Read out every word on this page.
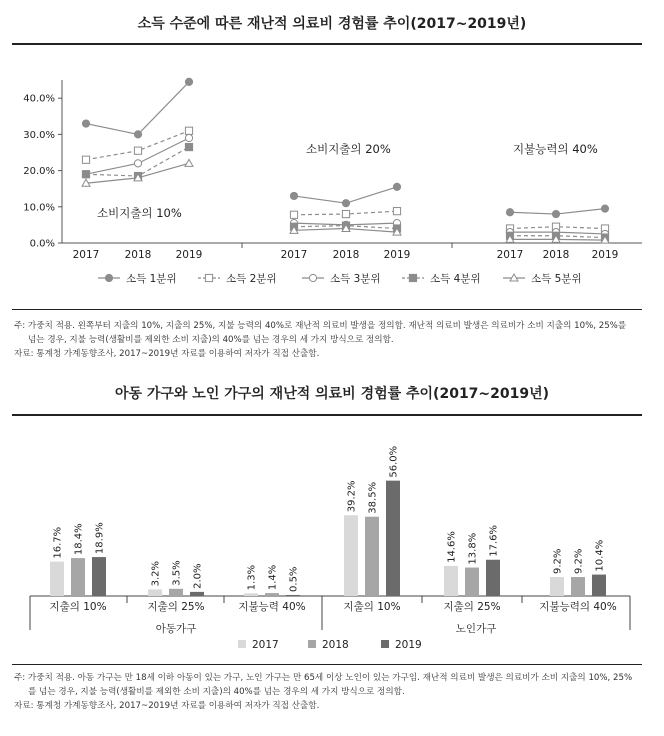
소득 수준에 따른 재난적 의료비 경험률 추이(2017~2019년)
0.0%
10.0%
20.0%
30.0%
40.0%
2017 2018 2019
소비지출의 10%
2017 2018 2019
소비지출의 20%
2017 2018 2019
지불능력의 40%
소득 1분위	소득 2분위	소득 3분위	소득 4분위	소득 5분위
주: 가중치 적용. 왼쪽부터 지출의 10%, 지출의 25%, 지불 능력의 40%로 재난적 의료비 발생을 정의함. 재난적 의료비 발생은 의료비가 소비 지출의 10%, 25%를
넘는 경우, 지불 능력(생활비를 제외한 소비 지출)의 40%를 넘는 경우의 세 가지 방식으로 정의함.
자료: 통계청 가계동향조사, 2017~2019년 자료를 이용하여 저자가 직접 산출함.
아동 가구와 노인 가구의 재난적 의료비 경험률 추이(2017~2019년)
16.7%
3.2%	1.3%
39.2%
14.6%	9.2%
18.4%
3.5%	1.4%
38.5%
13.8%	9.2%
18.9%
2.0%	0.5%
56.0%
17.6%	10.4%
지출의 10%	지출의 25%	지불능력 40%	지출의 10%	지출의 25%	지불능력의 40%
아동가구	노인가구
2017	2018	2019
주: 가중치 적용. 아동 가구는 만 18세 이하 아동이 있는 가구, 노인 가구는 만 65세 이상 노인이 있는 가구임. 재난적 의료비 발생은 의료비가 소비 지출의 10%, 25%
를 넘는 경우, 지불 능력(생활비를 제외한 소비 지출)의 40%를 넘는 경우의 세 가지 방식으로 정의함.
자료: 통계청 가계동향조사, 2017~2019년 자료를 이용하여 저자가 직접 산출함.
